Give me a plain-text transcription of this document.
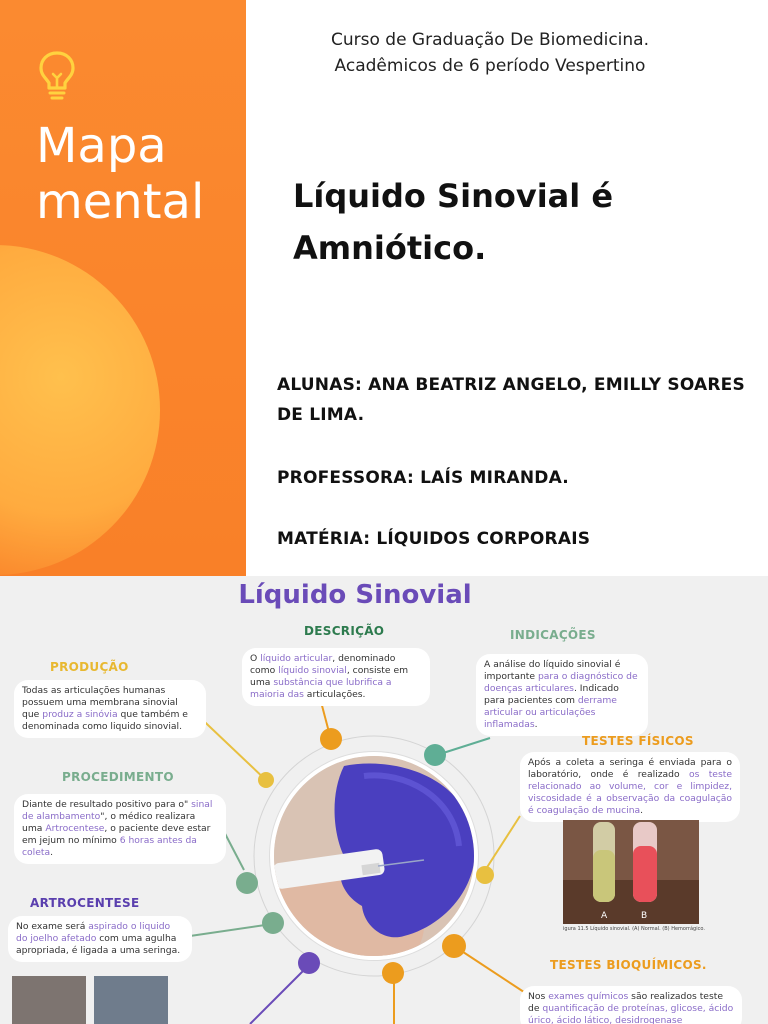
Mapa mental
Curso de Graduação De Biomedicina.
Acadêmicos de 6 período Vespertino
Líquido Sinovial é Amniótico.
ALUNAS: ANA BEATRIZ ANGELO, EMILLY SOARES DE LIMA.
PROFESSORA: LAÍS MIRANDA.
MATÉRIA: LÍQUIDOS CORPORAIS
Líquido Sinovial
DESCRIÇÃO
O líquido articular, denominado como líquido sinovial, consiste em uma substância que lubrifica a maioria das articulações.
INDICAÇÕES
A análise do líquido sinovial é importante para o diagnóstico de doenças articulares. Indicado para pacientes com derrame articular ou articulações inflamadas.
PRODUÇÃO
Todas as articulações humanas possuem uma membrana sinovial que produz a sinóvia que também e denominada como liquido sinovial.
PROCEDIMENTO
Diante de resultado positivo para o" sinal de alambamento", o médico realizara uma Artrocentese, o paciente deve estar em jejum no mínimo 6 horas antes da coleta.
ARTROCENTESE
No exame será aspirado o liquido do joelho afetado com uma agulha apropriada, é ligada a uma seringa.
TESTES FÍSICOS
Após a coleta a seringa é enviada para o laboratório, onde é realizado os teste relacionado ao volume, cor e limpidez, viscosidade é a observação da coagulação é coagulação de mucina.
A	B
igura 11.5 Líquido sinovial. (A) Normal. (B) Hemorrágico.
TESTES BIOQUÍMICOS.
Nos exames químicos são realizados teste de quantificação de proteínas, glicose, ácido úrico, ácido lático, desidrogenase
